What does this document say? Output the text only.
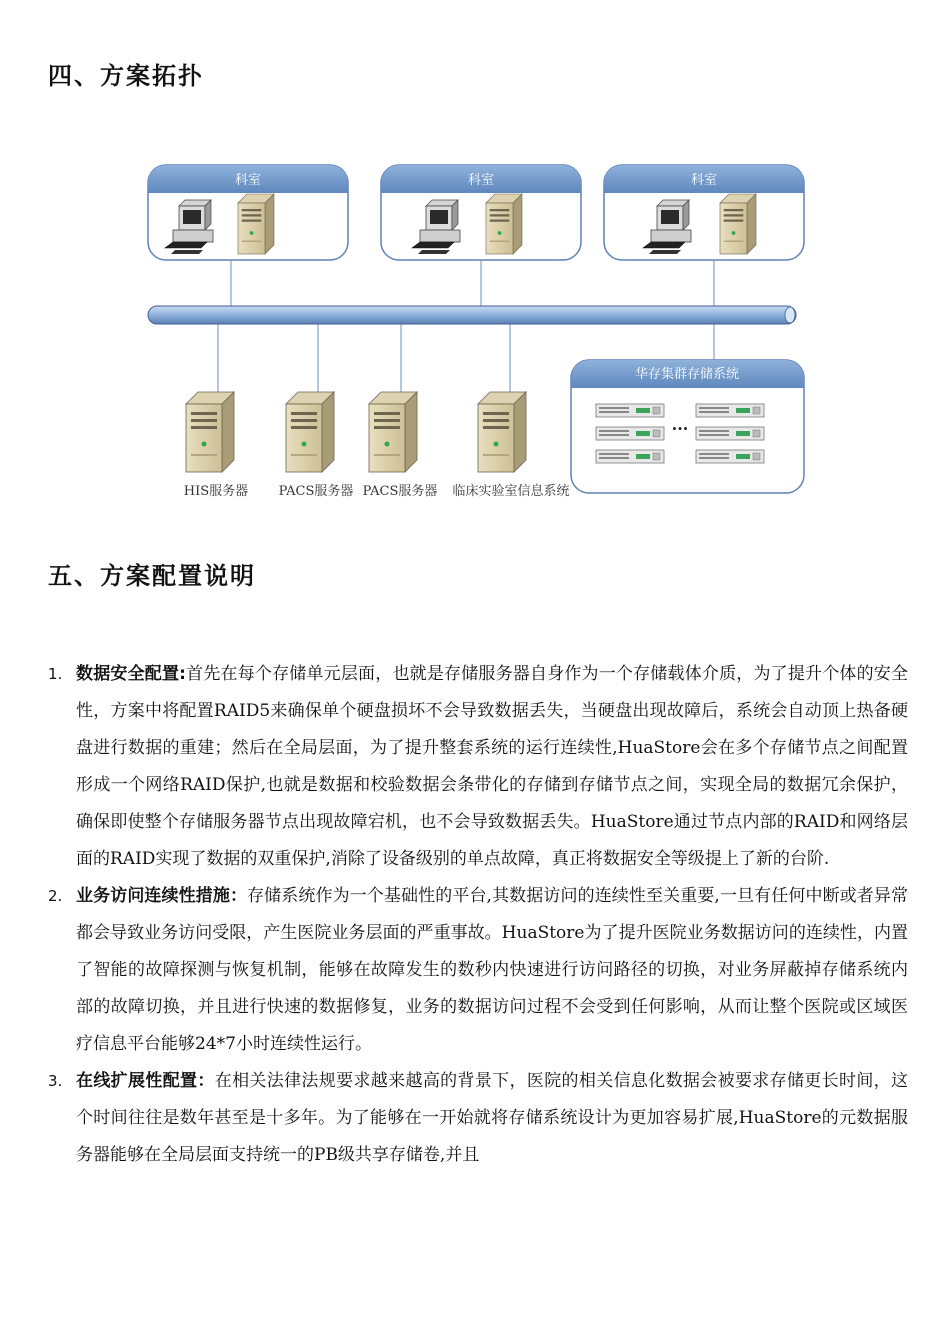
四、方案拓扑
科室	科室	科室
HIS服务器 PACS服务器 PACS服务器 临床实验室信息系统
华存集群存储系统
···
五、方案配置说明
1. 数据安全配置:首先在每个存储单元层面，也就是存储服务器自身作为一个存储载体介质，为了提升个体的安全性，方案中将配置RAID5来确保单个硬盘损坏不会导致数据丢失，当硬盘出现故障后，系统会自动顶上热备硬盘进行数据的重建；然后在全局层面，为了提升整套系统的运行连续性,HuaStore会在多个存储节点之间配置形成一个网络RAID保护,也就是数据和校验数据会条带化的存储到存储节点之间，实现全局的数据冗余保护，确保即使整个存储服务器节点出现故障宕机，也不会导致数据丢失。HuaStore通过节点内部的RAID和网络层面的RAID实现了数据的双重保护,消除了设备级别的单点故障，真正将数据安全等级提上了新的台阶.
2. 业务访问连续性措施：存储系统作为一个基础性的平台,其数据访问的连续性至关重要,一旦有任何中断或者异常都会导致业务访问受限，产生医院业务层面的严重事故。HuaStore为了提升医院业务数据访问的连续性，内置了智能的故障探测与恢复机制，能够在故障发生的数秒内快速进行访问路径的切换，对业务屏蔽掉存储系统内部的故障切换，并且进行快速的数据修复，业务的数据访问过程不会受到任何影响，从而让整个医院或区域医疗信息平台能够24*7小时连续性运行。
3. 在线扩展性配置：在相关法律法规要求越来越高的背景下，医院的相关信息化数据会被要求存储更长时间，这个时间往往是数年甚至是十多年。为了能够在一开始就将存储系统设计为更加容易扩展,HuaStore的元数据服务器能够在全局层面支持统一的PB级共享存储卷,并且
